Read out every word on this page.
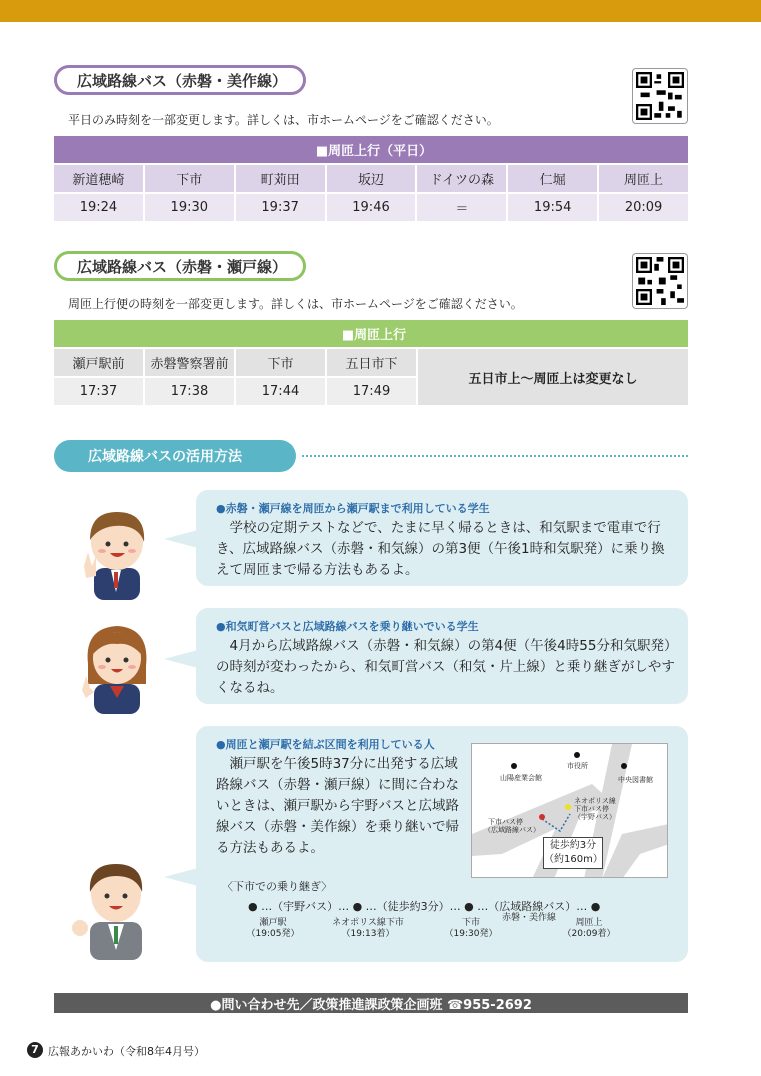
広域路線バス（赤磐・美作線）
平日のみ時刻を一部変更します。詳しくは、市ホームページをご確認ください。
■周匝上行（平日）						
新道穂崎	下市	町苅田	坂辺	ドイツの森	仁堀	周匝上
19:24	19:30	19:37	19:46	＝	19:54	20:09
広域路線バス（赤磐・瀬戸線）
周匝上行便の時刻を一部変更します。詳しくは、市ホームページをご確認ください。
■周匝上行				
瀬戸駅前	赤磐警察署前	下市	五日市下	五日市上～周匝上は変更なし
17:37	17:38	17:44	17:49	
広域路線バスの活用方法
●赤磐・瀬戸線を周匝から瀬戸駅まで利用している学生
学校の定期テストなどで、たまに早く帰るときは、和気駅まで電車で行き、広域路線バス（赤磐・和気線）の第3便（午後1時和気駅発）に乗り換えて周匝まで帰る方法もあるよ。
●和気町営バスと広域路線バスを乗り継いでいる学生
4月から広域路線バス（赤磐・和気線）の第4便（午後4時55分和気駅発）の時刻が変わったから、和気町営バス（和気・片上線）と乗り継ぎがしやすくなるね。
●周匝と瀬戸駅を結ぶ区間を利用している人
瀬戸駅を午後5時37分に出発する広域路線バス（赤磐・瀬戸線）に間に合わないときは、瀬戸駅から宇野バスと広域路線バス（赤磐・美作線）を乗り継いで帰る方法もあるよ。
市役所
山陽産業会館	中央図書館
ネオポリス線
下市バス停
（宇野バス）
下市バス停
（広域路線バス）
徒歩約3分
（約160m）
〈下市での乗り継ぎ〉
● …（宇野バス）… ● …（徒歩約3分）… ● …（広域路線バス）… ●
瀬戸駅
（19:05発）
ネオポリス線下市
（19:13着）
下市
（19:30発）
赤磐・美作線	周匝上
（20:09着）
●問い合わせ先／政策推進課政策企画班 ☎955-2692
7 広報あかいわ（令和8年4月号）
